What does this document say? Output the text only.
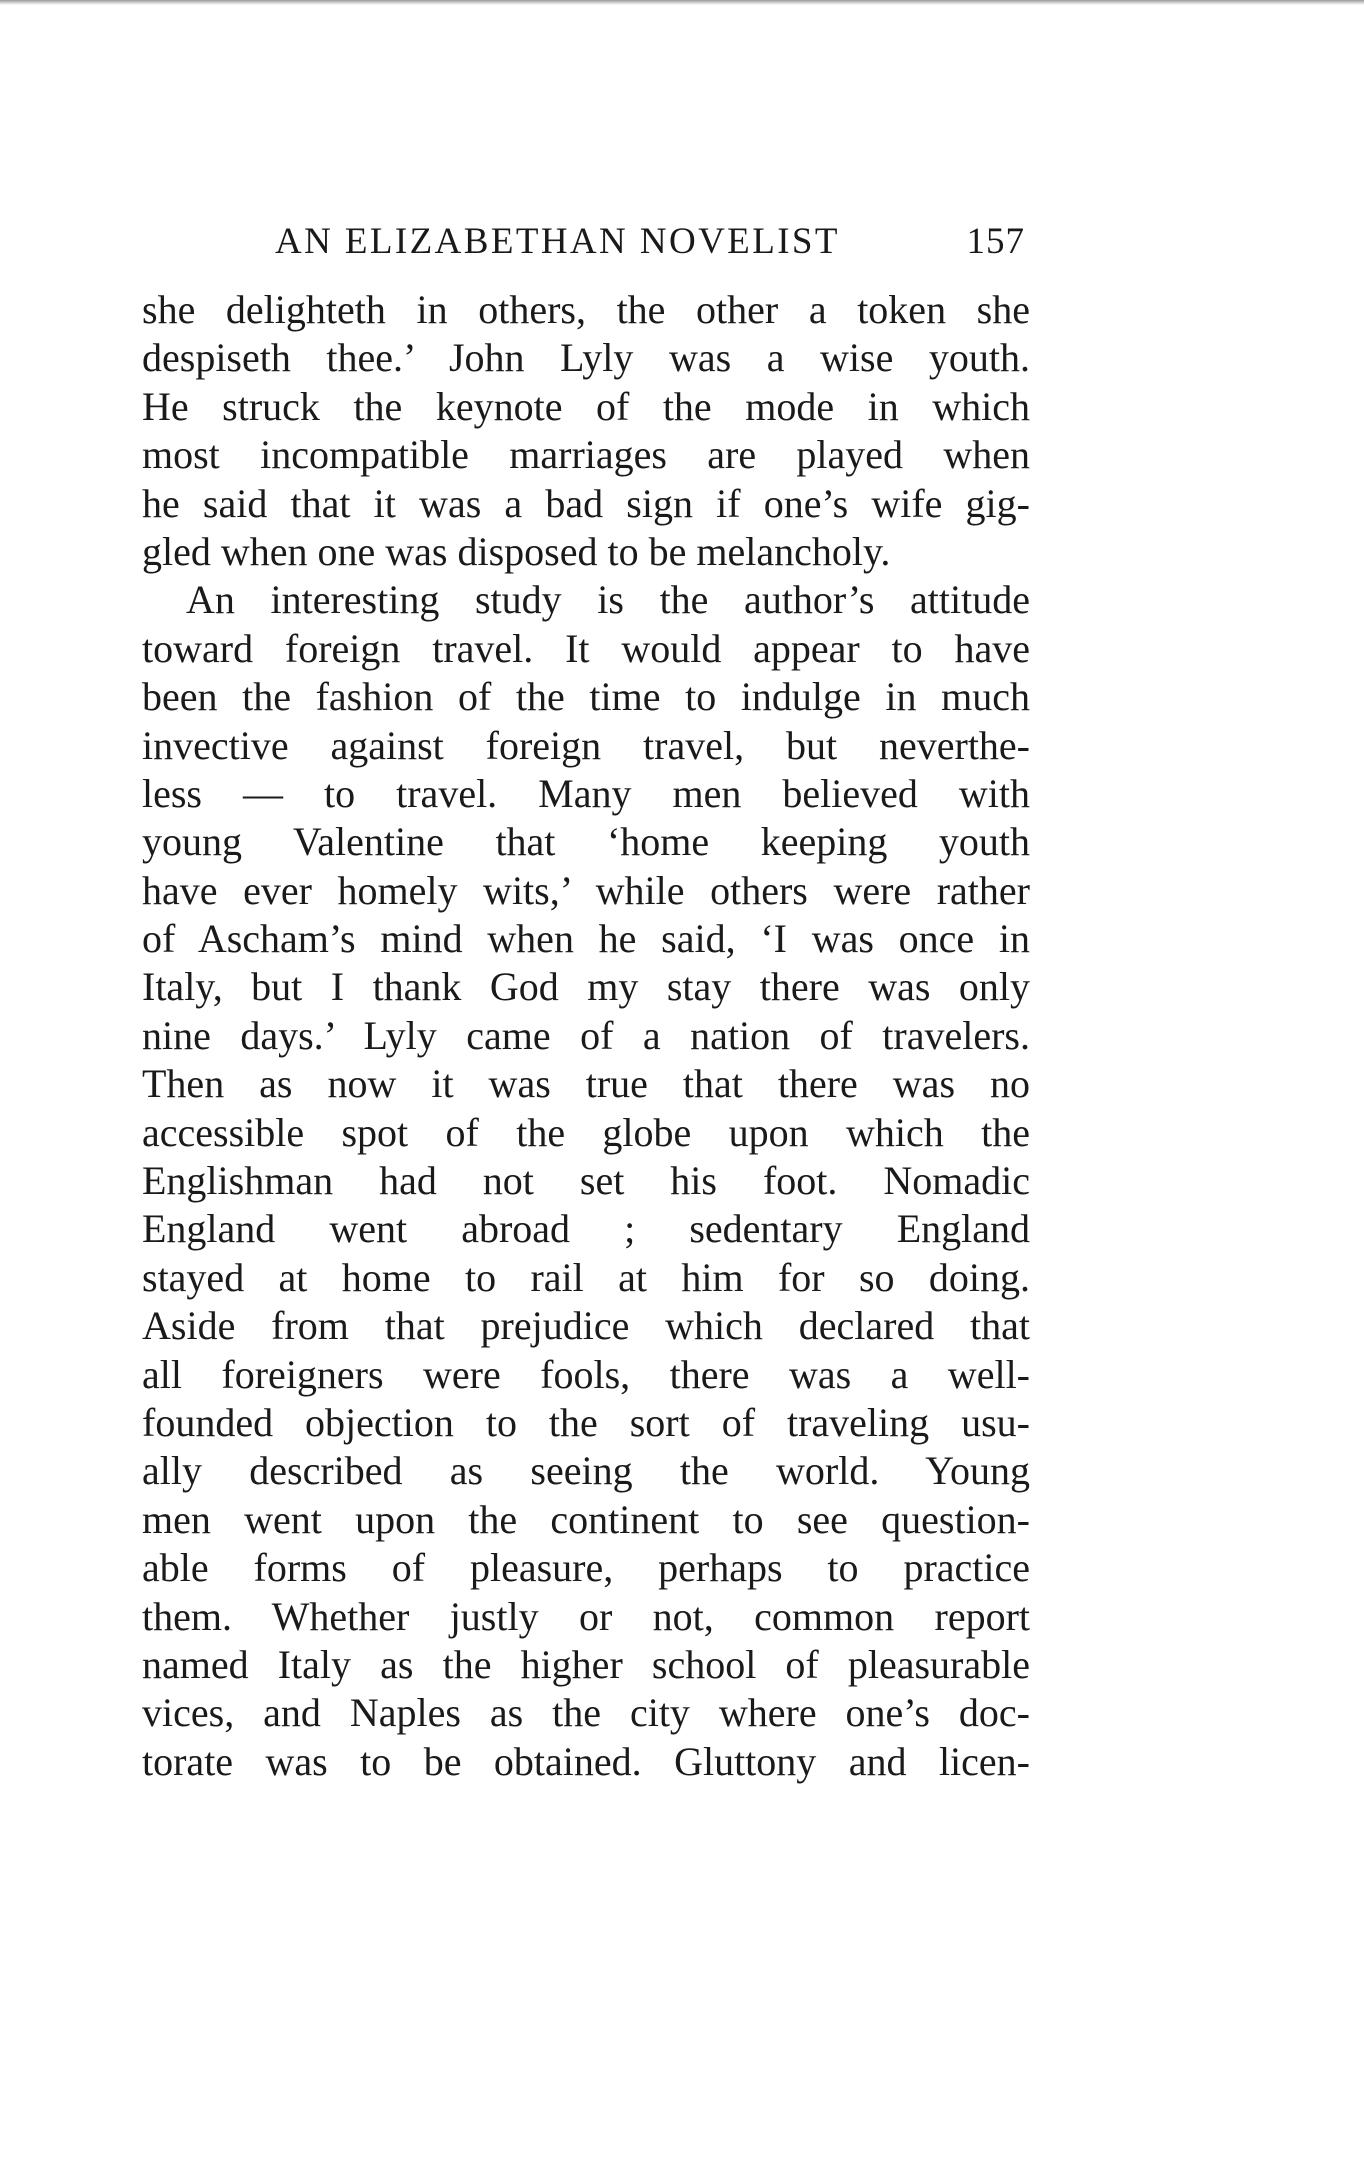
AN ELIZABETHAN NOVELIST	157
she delighteth in others, the other a token she
despiseth thee.’ John Lyly was a wise youth.
He struck the keynote of the mode in which
most incompatible marriages are played when
he said that it was a bad sign if one’s wife gig-
gled when one was disposed to be melancholy.
An interesting study is the author’s attitude
toward foreign travel. It would appear to have
been the fashion of the time to indulge in much
invective against foreign travel, but neverthe-
less — to travel. Many men believed with
young Valentine that ‘home keeping youth
have ever homely wits,’ while others were rather
of Ascham’s mind when he said, ‘I was once in
Italy, but I thank God my stay there was only
nine days.’ Lyly came of a nation of travelers.
Then as now it was true that there was no
accessible spot of the globe upon which the
Englishman had not set his foot. Nomadic
England went abroad ; sedentary England
stayed at home to rail at him for so doing.
Aside from that prejudice which declared that
all foreigners were fools, there was a well-
founded objection to the sort of traveling usu-
ally described as seeing the world. Young
men went upon the continent to see question-
able forms of pleasure, perhaps to practice
them. Whether justly or not, common report
named Italy as the higher school of pleasurable
vices, and Naples as the city where one’s doc-
torate was to be obtained. Gluttony and licen-
